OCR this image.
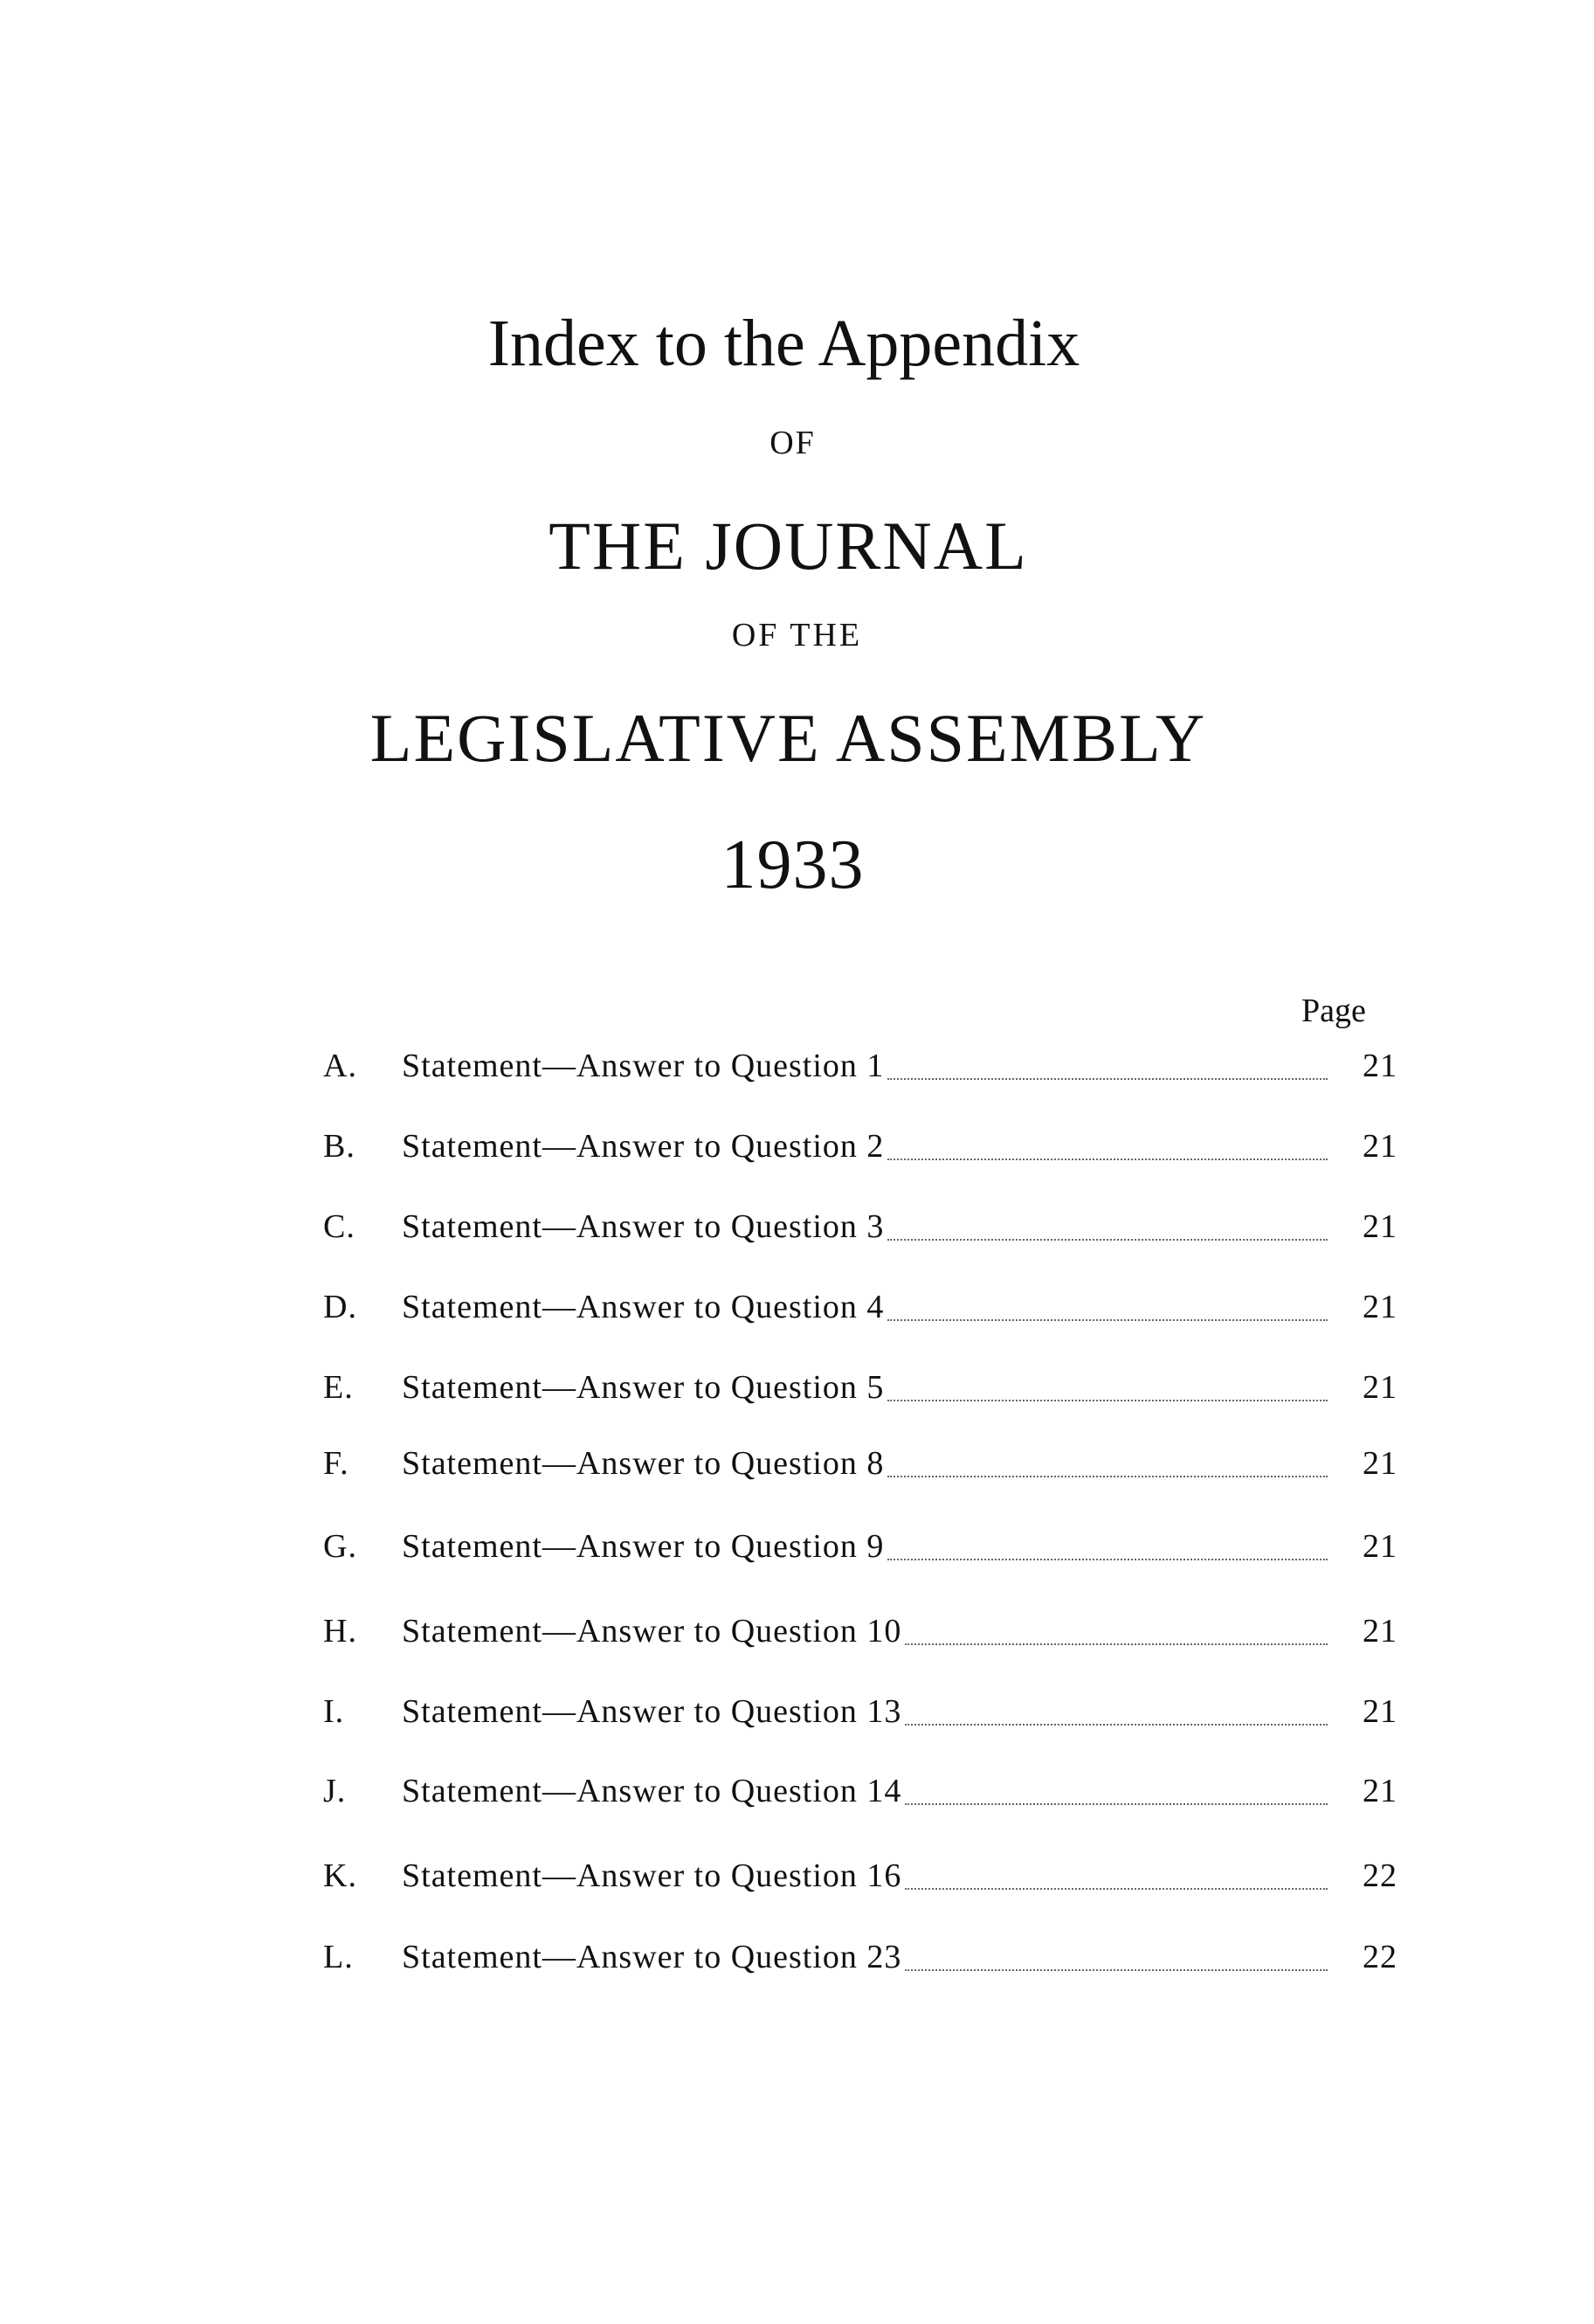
Index to the Appendix
OF
THE JOURNAL
OF THE
LEGISLATIVE ASSEMBLY
1933
Page
A.	Statement—Answer to Question 1	21
B.	Statement—Answer to Question 2	21
C.	Statement—Answer to Question 3	21
D.	Statement—Answer to Question 4	21
E.	Statement—Answer to Question 5	21
F.	Statement—Answer to Question 8	21
G.	Statement—Answer to Question 9	21
H.	Statement—Answer to Question 10	21
I.	Statement—Answer to Question 13	21
J.	Statement—Answer to Question 14	21
K.	Statement—Answer to Question 16	22
L.	Statement—Answer to Question 23	22
